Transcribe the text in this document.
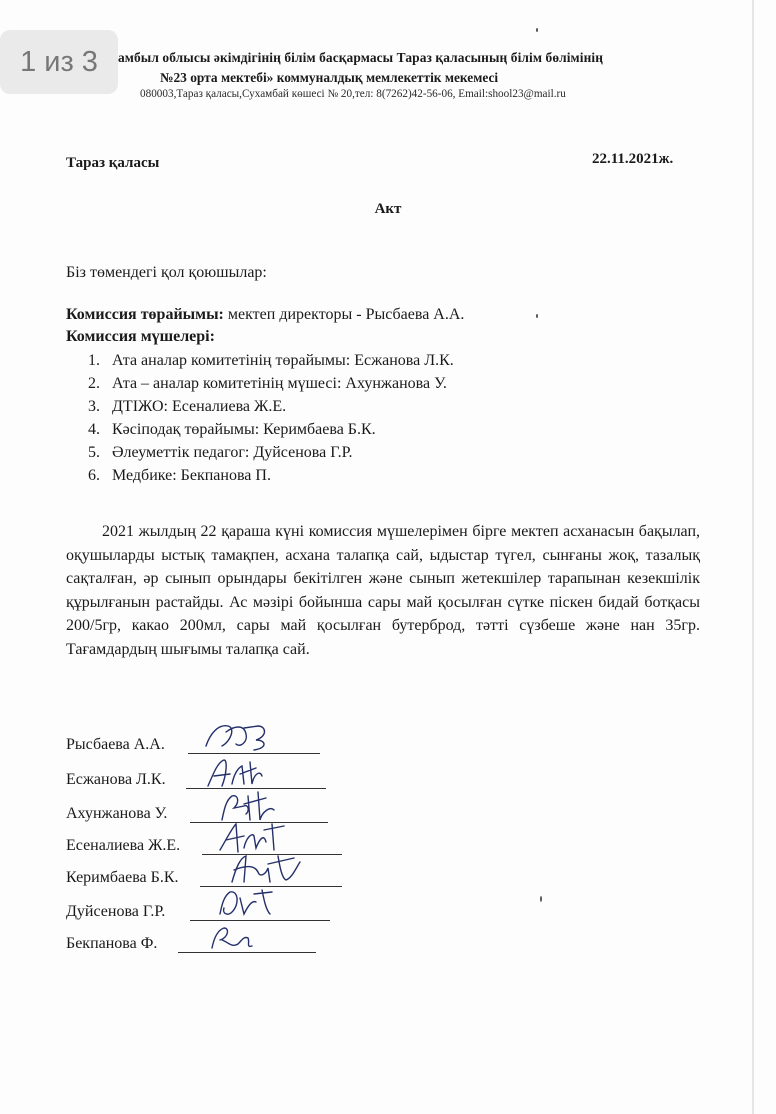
амбыл облысы әкімдігінің білім басқармасы Тараз қаласының білім бөлімінің
№23 орта мектебі» коммуналдық мемлекеттік мекемесі
080003,Тараз қаласы,Сухамбай көшесі № 20,тел: 8(7262)42-56-06, Email:shool23@mail.ru
Тараз қаласы	22.11.2021ж.
Акт
Біз төмендегі қол қоюшылар:
Комиссия төрайымы: мектеп директоры - Рысбаева А.А.
Комиссия мүшелері:
1. Ата аналар комитетінің төрайымы: Есжанова Л.К.
2. Ата – аналар комитетінің мүшесі: Ахунжанова У.
3. ДТІЖО: Есеналиева Ж.Е.
4. Кәсіподақ төрайымы: Керимбаева Б.К.
5. Әлеуметтік педагог: Дуйсенова Г.Р.
6. Медбике: Бекпанова П.
2021 жылдың 22 қараша күні комиссия мүшелерімен бірге мектеп асханасын бақылап, оқушыларды ыстық тамақпен, асхана талапқа сай, ыдыстар түгел, сынғаны жоқ, тазалық сақталған, әр сынып орындары бекітілген және сынып жетекшілер тарапынан кезекшілік құрылғанын растайды. Ас мәзірі бойынша сары май қосылған сүтке піскен бидай ботқасы 200/5гр, какао 200мл, сары май қосылған бутерброд, тәтті сүзбеше және нан 35гр. Тағамдардың шығымы талапқа сай.
Рысбаева А.А.
Есжанова Л.К.
Ахунжанова У.
Есеналиева Ж.Е.
Керимбаева Б.К.
Дуйсенова Г.Р.
Бекпанова Ф.
1 из 3
